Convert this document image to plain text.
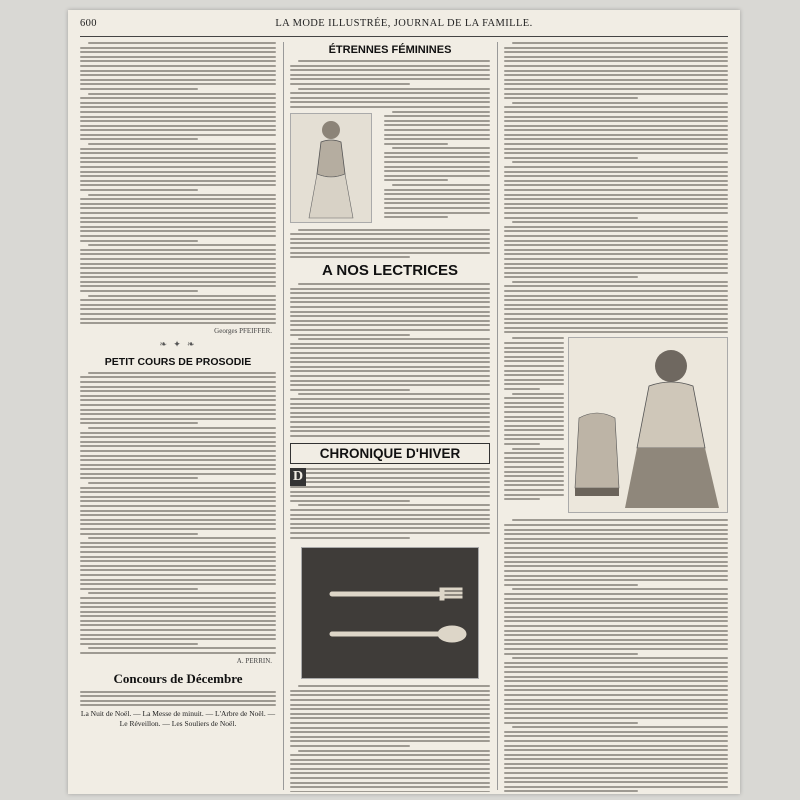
600	LA MODE ILLUSTRÉE, JOURNAL DE LA FAMILLE.
Georges PFEIFFER.
❧ ✦ ❧
PETIT COURS DE PROSODIE
A. PERRIN.
Concours de Décembre
La Nuit de Noël. — La Messe de minuit. — L'Arbre de Noël. — Le Réveillon. — Les Souliers de Noël.
ÉTRENNES FÉMININES
A NOS LECTRICES
CHRONIQUE D'HIVER
D
